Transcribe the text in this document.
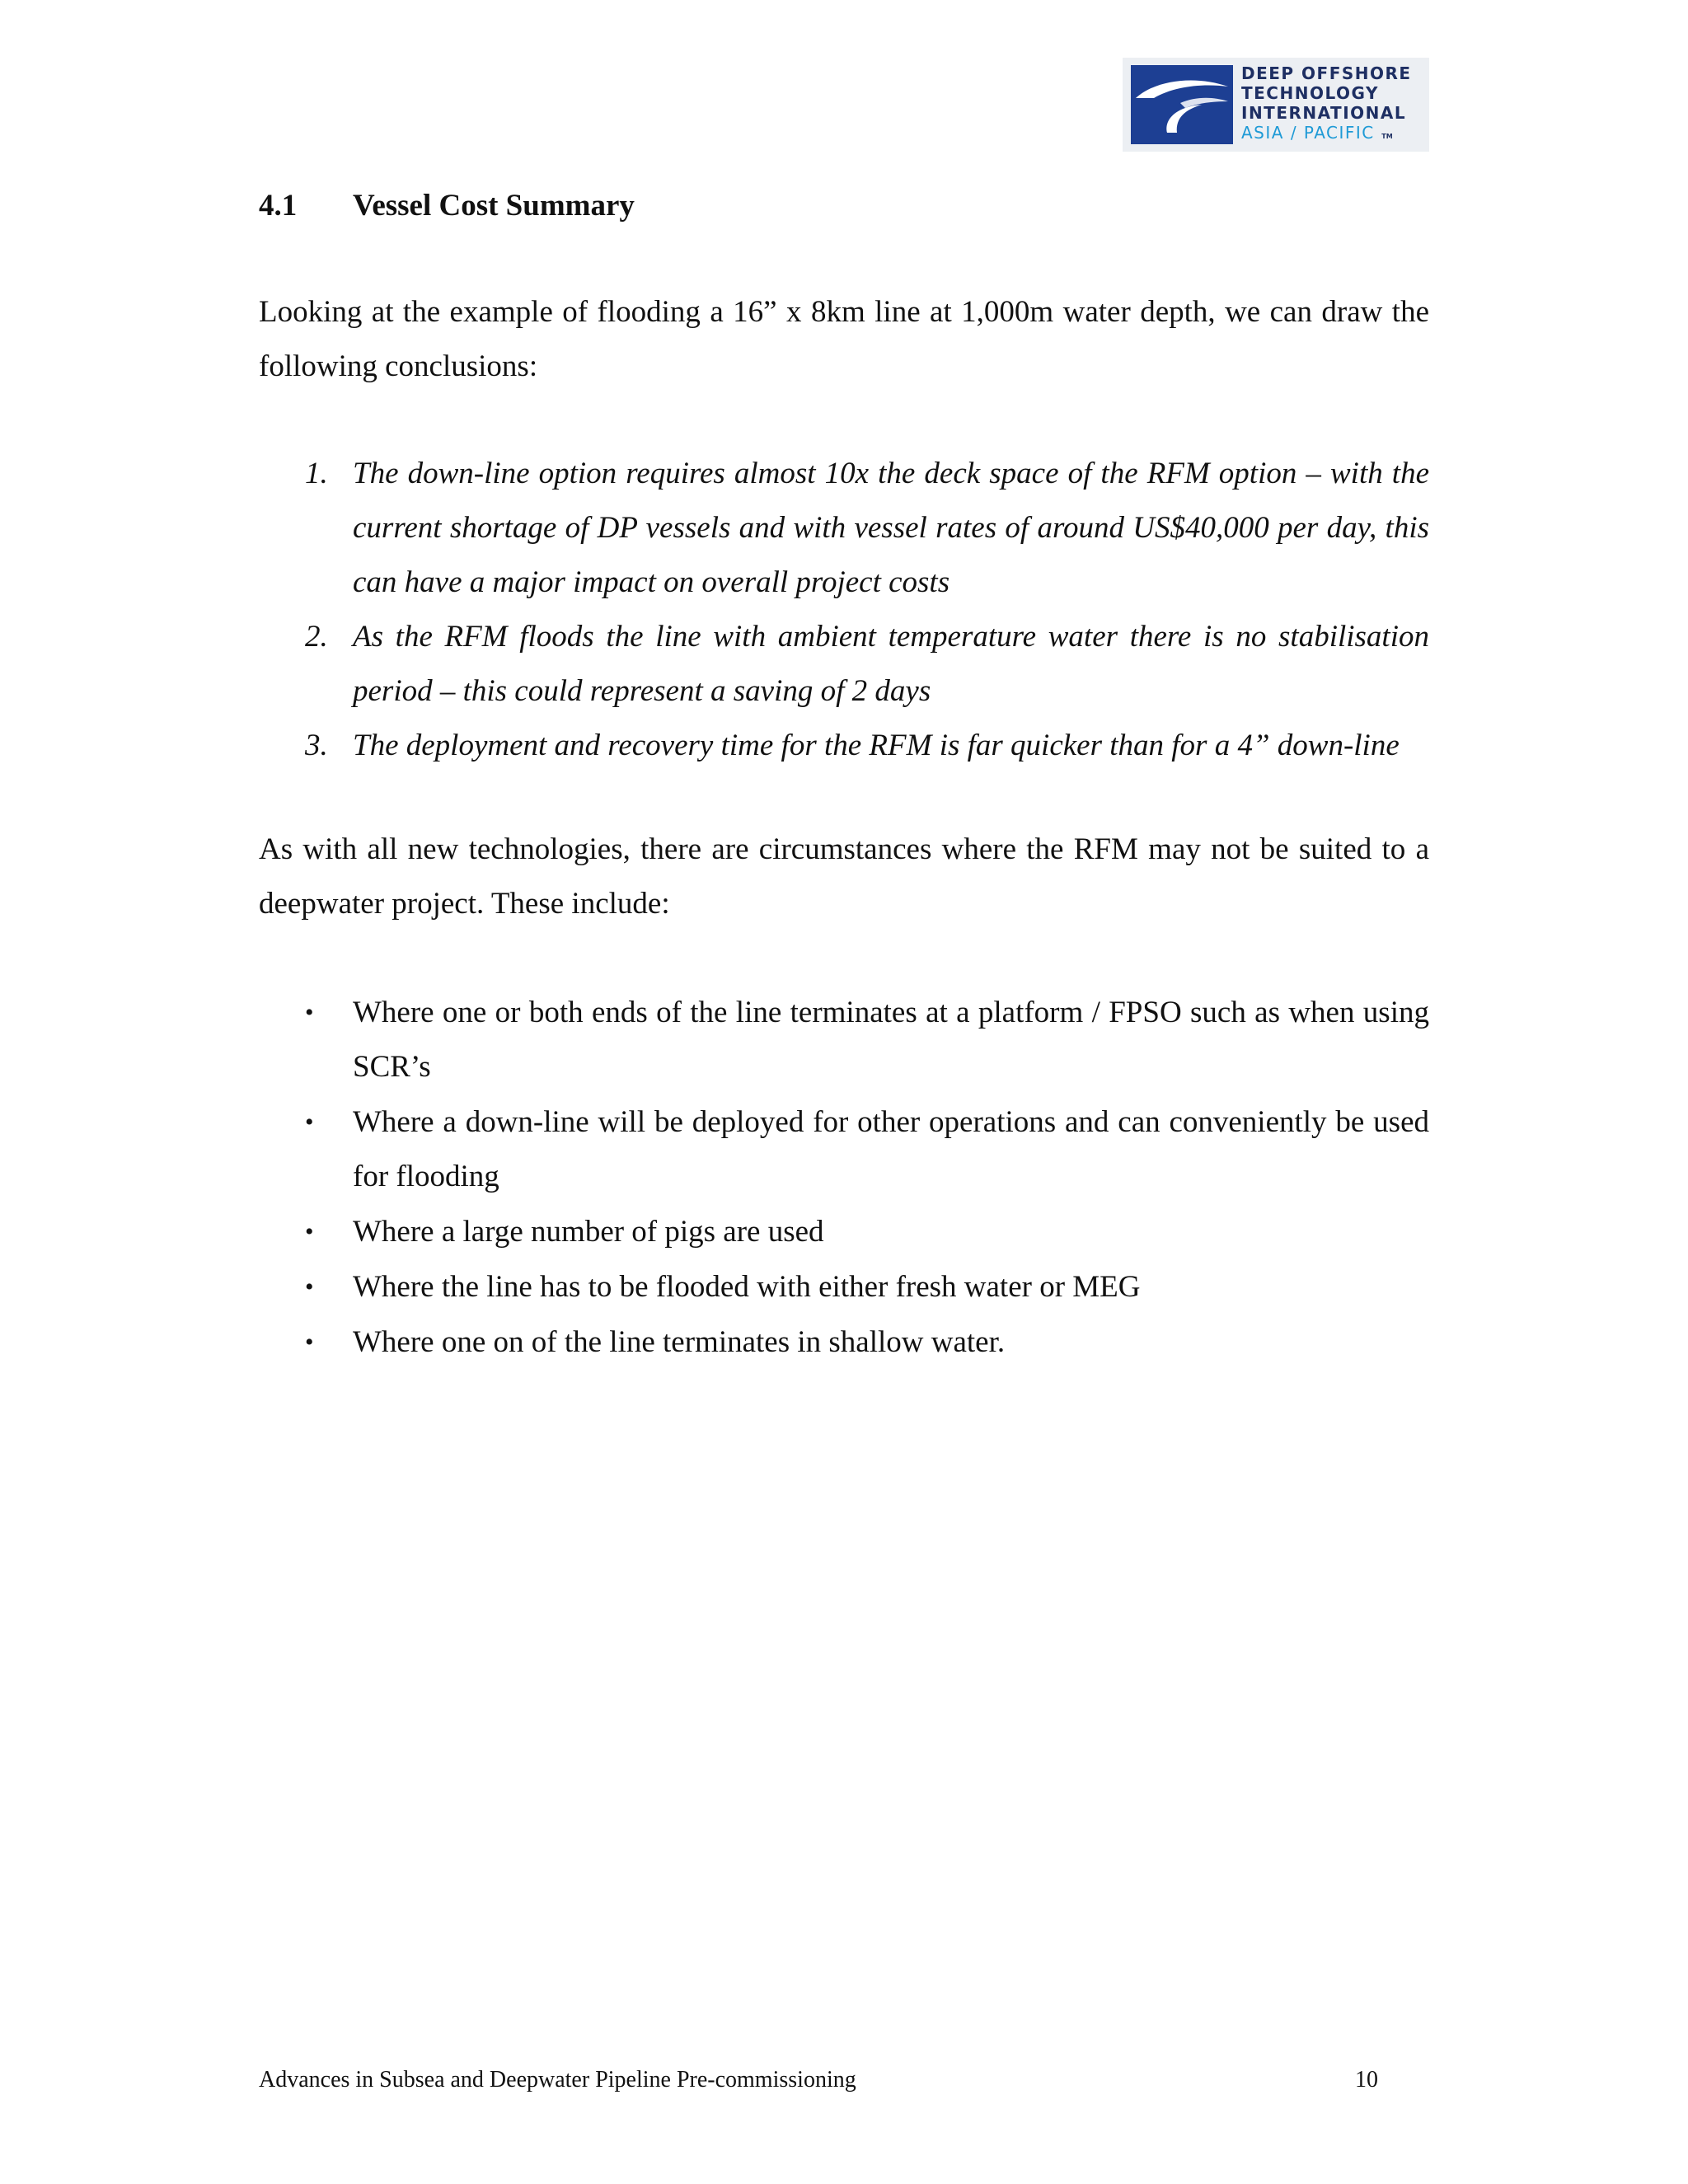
DEEP OFFSHORE
TECHNOLOGY
INTERNATIONAL
ASIA / PACIFIC TM
4.1 Vessel Cost Summary
Looking at the example of flooding a 16” x 8km line at 1,000m water depth, we can draw the following conclusions:
1. The down-line option requires almost 10x the deck space of the RFM option – with the current shortage of DP vessels and with vessel rates of around US$40,000 per day, this can have a major impact on overall project costs
2. As the RFM floods the line with ambient temperature water there is no stabilisation period – this could represent a saving of 2 days
3. The deployment and recovery time for the RFM is far quicker than for a 4” down-line
As with all new technologies, there are circumstances where the RFM may not be suited to a deepwater project. These include:
• Where one or both ends of the line terminates at a platform / FPSO such as when using SCR’s
• Where a down-line will be deployed for other operations and can conveniently be used for flooding
• Where a large number of pigs are used
• Where the line has to be flooded with either fresh water or MEG
• Where one on of the line terminates in shallow water.
Advances in Subsea and Deepwater Pipeline Pre-commissioning	10
